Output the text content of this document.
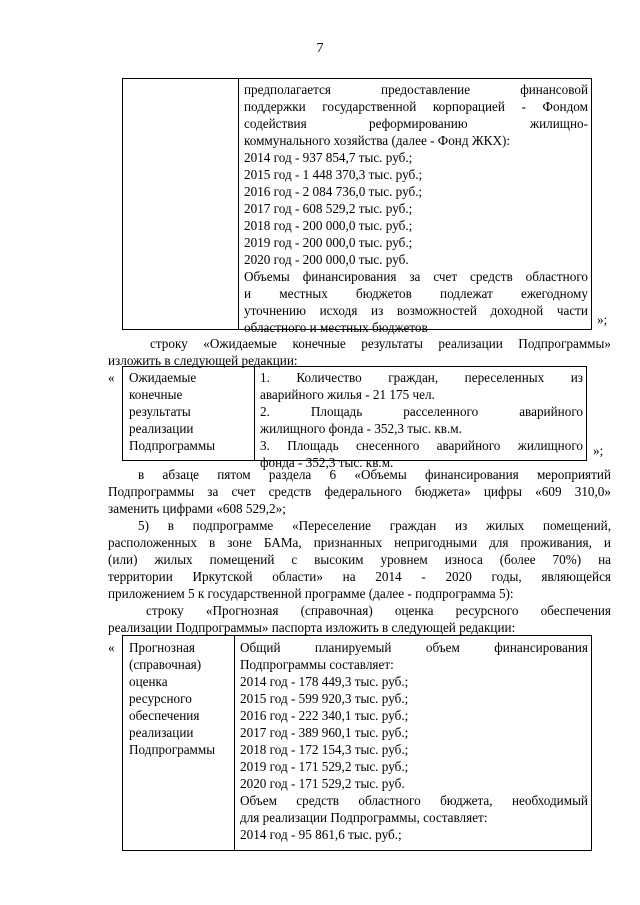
7
предполагается предоставление финансовой
поддержки государственной корпорацией - Фондом
содействия реформированию жилищно-
коммунального хозяйства (далее - Фонд ЖКХ):
2014 год - 937 854,7 тыс. руб.;
2015 год - 1 448 370,3 тыс. руб.;
2016 год - 2 084 736,0 тыс. руб.;
2017 год - 608 529,2 тыс. руб.;
2018 год - 200 000,0 тыс. руб.;
2019 год - 200 000,0 тыс. руб.;
2020 год - 200 000,0 тыс. руб.
Объемы финансирования за счет средств областного
и местных бюджетов подлежат ежегодному
уточнению исходя из возможностей доходной части
областного и местных бюджетов
»;
строку «Ожидаемые конечные результаты реализации Подпрограммы»
изложить в следующей редакции:
« Ожидаемые
конечные
результаты
реализации
Подпрограммы
1. Количество граждан, переселенных из
аварийного жилья - 21 175 чел.
2. Площадь расселенного аварийного
жилищного фонда - 352,3 тыс. кв.м.
3. Площадь снесенного аварийного жилищного
фонда - 352,3 тыс. кв.м.
»;
в абзаце пятом раздела 6 «Объемы финансирования мероприятий
Подпрограммы за счет средств федерального бюджета» цифры «609 310,0»
заменить цифрами «608 529,2»;
5) в подпрограмме «Переселение граждан из жилых помещений,
расположенных в зоне БАМа, признанных непригодными для проживания, и
(или) жилых помещений с высоким уровнем износа (более 70%) на
территории Иркутской области» на 2014 - 2020 годы, являющейся
приложением 5 к государственной программе (далее - подпрограмма 5):
строку «Прогнозная (справочная) оценка ресурсного обеспечения
реализации Подпрограммы» паспорта изложить в следующей редакции:
« Прогнозная
(справочная)
оценка
ресурсного
обеспечения
реализации
Подпрограммы
Общий планируемый объем финансирования
Подпрограммы составляет:
2014 год - 178 449,3 тыс. руб.;
2015 год - 599 920,3 тыс. руб.;
2016 год - 222 340,1 тыс. руб.;
2017 год - 389 960,1 тыс. руб.;
2018 год - 172 154,3 тыс. руб.;
2019 год - 171 529,2 тыс. руб.;
2020 год - 171 529,2 тыс. руб.
Объем средств областного бюджета, необходимый
для реализации Подпрограммы, составляет:
2014 год - 95 861,6 тыс. руб.;
